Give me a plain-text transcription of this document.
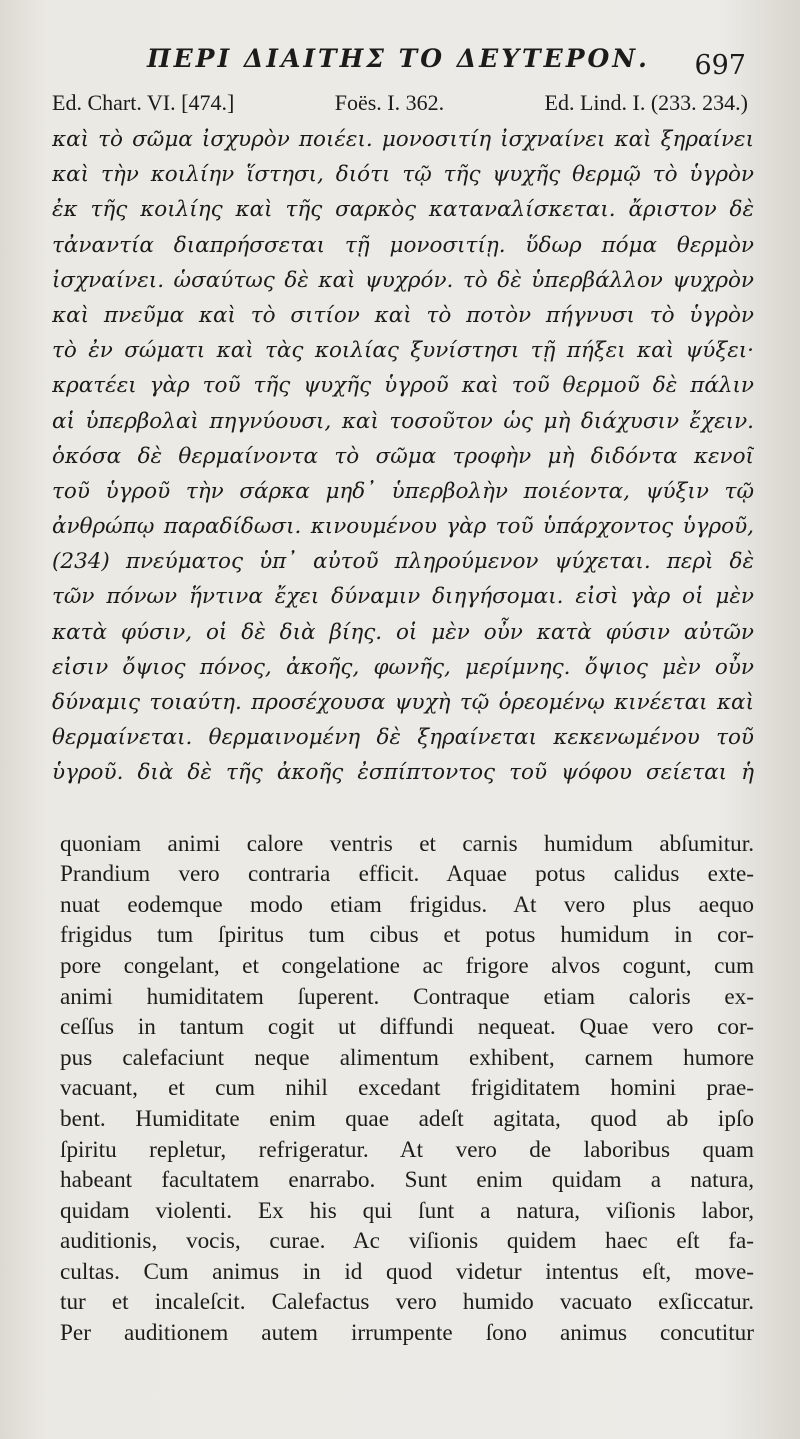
ΠΕΡΙ ΔΙΑΙΤΗΣ ΤΟ ΔΕΥΤΕΡΟΝ. 697
Ed. Chart. VI. [474.]	Foës. I. 362.	Ed. Lind. I. (233. 234.)
καὶ τὸ σῶμα ἰσχυρὸν ποιέει. μονοσιτίη ἰσχναίνει καὶ ξηραίνει
καὶ τὴν κοιλίην ἵστησι, διότι τῷ τῆς ψυχῆς θερμῷ τὸ ὑγρὸν
ἐκ τῆς κοιλίης καὶ τῆς σαρκὸς καταναλίσκεται. ἄριστον δὲ
τἀναντία διαπρήσσεται τῇ μονοσιτίῃ. ὕδωρ πόμα θερμὸν
ἰσχναίνει. ὡσαύτως δὲ καὶ ψυχρόν. τὸ δὲ ὑπερβάλλον ψυχρὸν
καὶ πνεῦμα καὶ τὸ σιτίον καὶ τὸ ποτὸν πήγνυσι τὸ ὑγρὸν
τὸ ἐν σώματι καὶ τὰς κοιλίας ξυνίστησι τῇ πήξει καὶ ψύξει·
κρατέει γὰρ τοῦ τῆς ψυχῆς ὑγροῦ καὶ τοῦ θερμοῦ δὲ πάλιν
αἱ ὑπερβολαὶ πηγνύουσι, καὶ τοσοῦτον ὡς μὴ διάχυσιν ἔχειν.
ὁκόσα δὲ θερμαίνοντα τὸ σῶμα τροφὴν μὴ διδόντα κενοῖ
τοῦ ὑγροῦ τὴν σάρκα μηδ᾽ ὑπερβολὴν ποιέοντα, ψύξιν τῷ
ἀνθρώπῳ παραδίδωσι. κινουμένου γὰρ τοῦ ὑπάρχοντος ὑγροῦ,
(234) πνεύματος ὑπ᾽ αὐτοῦ πληρούμενον ψύχεται. περὶ δὲ
τῶν πόνων ἥντινα ἔχει δύναμιν διηγήσομαι. εἰσὶ γὰρ οἱ μὲν
κατὰ φύσιν, οἱ δὲ διὰ βίης. οἱ μὲν οὖν κατὰ φύσιν αὐτῶν
εἰσιν ὄψιος πόνος, ἀκοῆς, φωνῆς, μερίμνης. ὄψιος μὲν οὖν
δύναμις τοιαύτη. προσέχουσα ψυχὴ τῷ ὁρεομένῳ κινέεται καὶ
θερμαίνεται. θερμαινομένη δὲ ξηραίνεται κεκενωμένου τοῦ
ὑγροῦ. διὰ δὲ τῆς ἀκοῆς ἐσπίπτοντος τοῦ ψόφου σείεται ἡ
quoniam animi calore ventris et carnis humidum abſumitur.
Prandium vero contraria efficit. Aquae potus calidus exte-
nuat eodemque modo etiam frigidus. At vero plus aequo
frigidus tum ſpiritus tum cibus et potus humidum in cor-
pore congelant, et congelatione ac frigore alvos cogunt, cum
animi humiditatem ſuperent. Contraque etiam caloris ex-
ceſſus in tantum cogit ut diffundi nequeat. Quae vero cor-
pus calefaciunt neque alimentum exhibent, carnem humore
vacuant, et cum nihil excedant frigiditatem homini prae-
bent. Humiditate enim quae adeſt agitata, quod ab ipſo
ſpiritu repletur, refrigeratur. At vero de laboribus quam
habeant facultatem enarrabo. Sunt enim quidam a natura,
quidam violenti. Ex his qui ſunt a natura, viſionis labor,
auditionis, vocis, curae. Ac viſionis quidem haec eſt fa-
cultas. Cum animus in id quod videtur intentus eſt, move-
tur et incaleſcit. Calefactus vero humido vacuato exſiccatur.
Per auditionem autem irrumpente ſono animus concutitur
